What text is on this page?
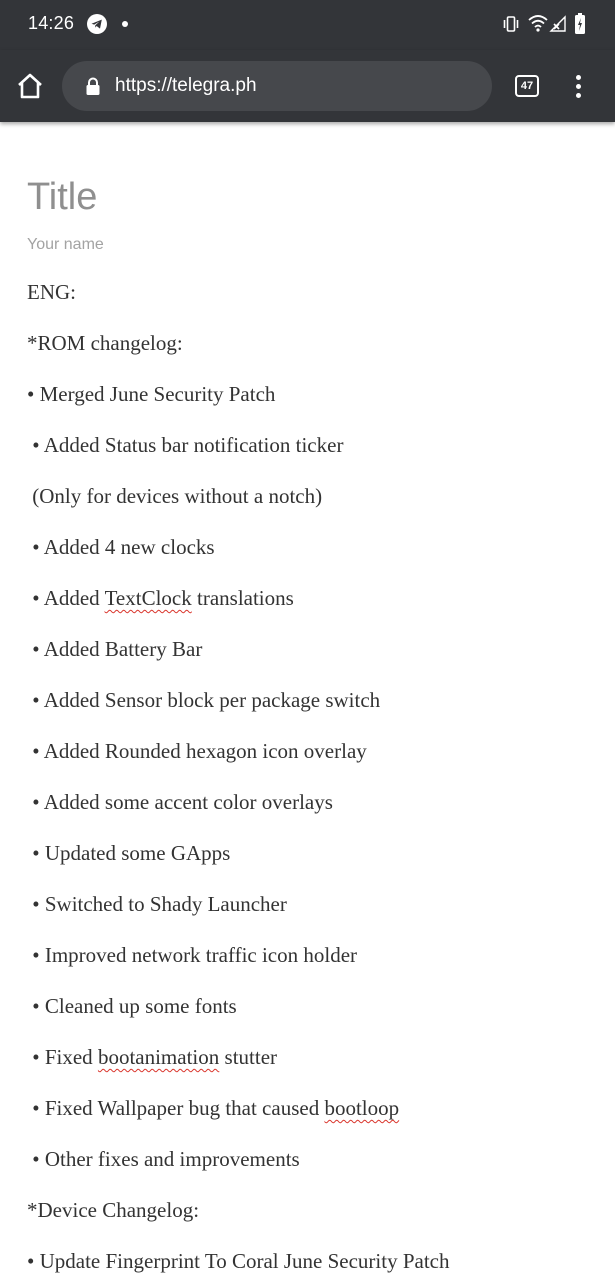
14:26
https://telegra.ph	47
Title
Your name
ENG:
*ROM changelog:
• Merged June Security Patch
• Added Status bar notification ticker
(Only for devices without a notch)
• Added 4 new clocks
• Added TextClock translations
• Added Battery Bar
• Added Sensor block per package switch
• Added Rounded hexagon icon overlay
• Added some accent color overlays
• Updated some GApps
• Switched to Shady Launcher
• Improved network traffic icon holder
• Cleaned up some fonts
• Fixed bootanimation stutter
• Fixed Wallpaper bug that caused bootloop
• Other fixes and improvements
*Device Changelog:
• Update Fingerprint To Coral June Security Patch
